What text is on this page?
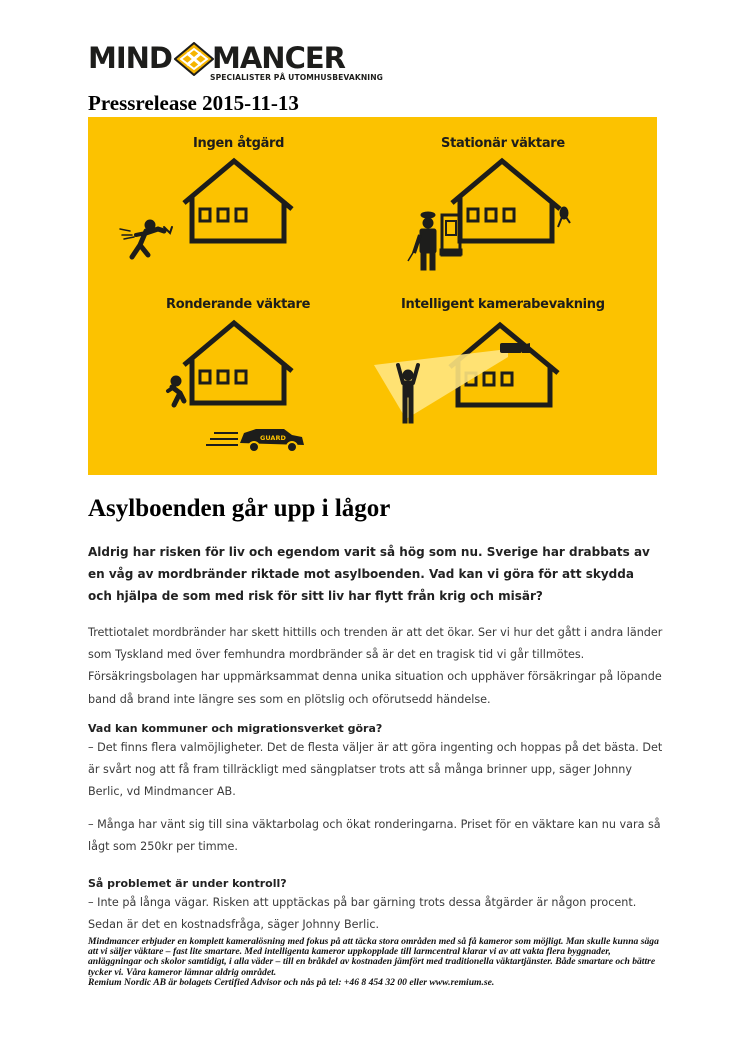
MIND MANCER
SPECIALISTER PÅ UTOMHUSBEVAKNING
Pressrelease 2015-11-13
GUARD
Ingen åtgärd	Stationär väktare
Ronderande väktare	Intelligent kamerabevakning
Asylboenden går upp i lågor

Aldrig har risken för liv och egendom varit så hög som nu. Sverige har drabbats av en våg av mordbränder riktade mot asylboenden. Vad kan vi göra för att skydda och hjälpa de som med risk för sitt liv har flytt från krig och misär?

Trettiotalet mordbränder har skett hittills och trenden är att det ökar. Ser vi hur det gått i andra länder som Tyskland med över femhundra mordbränder så är det en tragisk tid vi går tillmötes. Försäkringsbolagen har uppmärksammat denna unika situation och upphäver försäkringar på löpande band då brand inte längre ses som en plötslig och oförutsedd händelse.

Vad kan kommuner och migrationsverket göra?

– Det finns flera valmöjligheter. Det de flesta väljer är att göra ingenting och hoppas på det bästa. Det är svårt nog att få fram tillräckligt med sängplatser trots att så många brinner upp, säger Johnny Berlic, vd Mindmancer AB.

– Många har vänt sig till sina väktarbolag och ökat ronderingarna. Priset för en väktare kan nu vara så lågt som 250kr per timme.

Så problemet är under kontroll?

– Inte på långa vägar. Risken att upptäckas på bar gärning trots dessa åtgärder är någon procent. Sedan är det en kostnadsfråga, säger Johnny Berlic.

Mindmancer erbjuder en komplett kameralösning med fokus på att täcka stora områden med så få kameror som möjligt. Man skulle kunna säga att vi säljer väktare – fast lite smartare. Med intelligenta kameror uppkopplade till larmcentral klarar vi av att vakta flera byggnader, anläggningar och skolor samtidigt, i alla väder – till en bråkdel av kostnaden jämfört med traditionella väktartjänster. Både smartare och bättre tycker vi. Våra kameror lämnar aldrig området.
Remium Nordic AB är bolagets Certified Advisor och nås på tel: +46 8 454 32 00 eller www.remium.se.
